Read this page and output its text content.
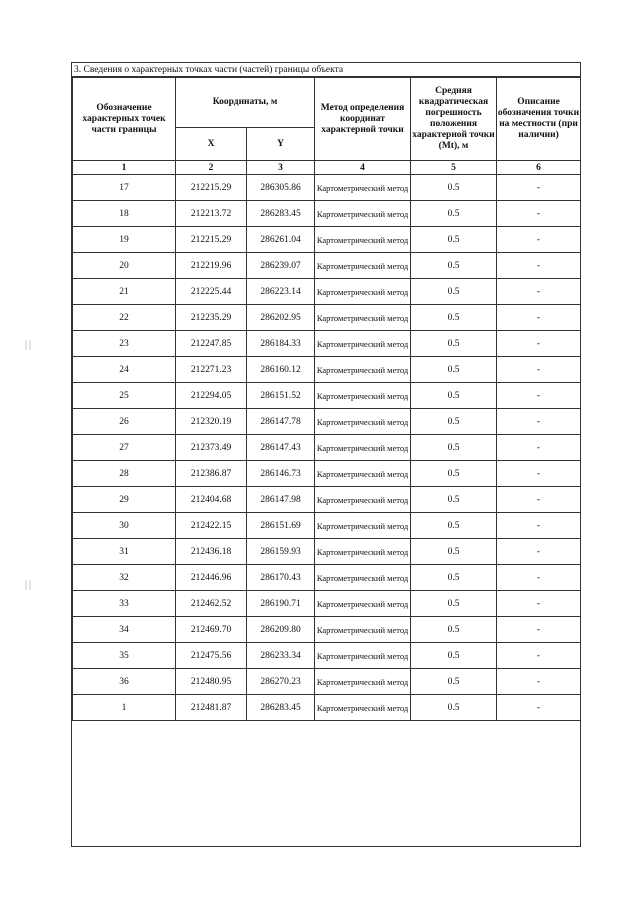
3. Сведения о характерных точках части (частей) границы объекта
Обозначение характерных точек части границы	Координаты, м		Метод определения координат характерной точки	Средняя квадратическая погрешность положения характерной точки (Mt), м	Описание обозначения точки на местности (при наличии)
	X	Y			
1	2	3	4	5	6
17	212215.29	286305.86	Картометрический метод	0.5	-
18	212213.72	286283.45	Картометрический метод	0.5	-
19	212215.29	286261.04	Картометрический метод	0.5	-
20	212219.96	286239.07	Картометрический метод	0.5	-
21	212225.44	286223.14	Картометрический метод	0.5	-
22	212235.29	286202.95	Картометрический метод	0.5	-
23	212247.85	286184.33	Картометрический метод	0.5	-
24	212271.23	286160.12	Картометрический метод	0.5	-
25	212294.05	286151.52	Картометрический метод	0.5	-
26	212320.19	286147.78	Картометрический метод	0.5	-
27	212373.49	286147.43	Картометрический метод	0.5	-
28	212386.87	286146.73	Картометрический метод	0.5	-
29	212404.68	286147.98	Картометрический метод	0.5	-
30	212422.15	286151.69	Картометрический метод	0.5	-
31	212436.18	286159.93	Картометрический метод	0.5	-
32	212446.96	286170.43	Картометрический метод	0.5	-
33	212462.52	286190.71	Картометрический метод	0.5	-
34	212469.70	286209.80	Картометрический метод	0.5	-
35	212475.56	286233.34	Картометрический метод	0.5	-
36	212480.95	286270.23	Картометрический метод	0.5	-
1	212481.87	286283.45	Картометрический метод	0.5	-
